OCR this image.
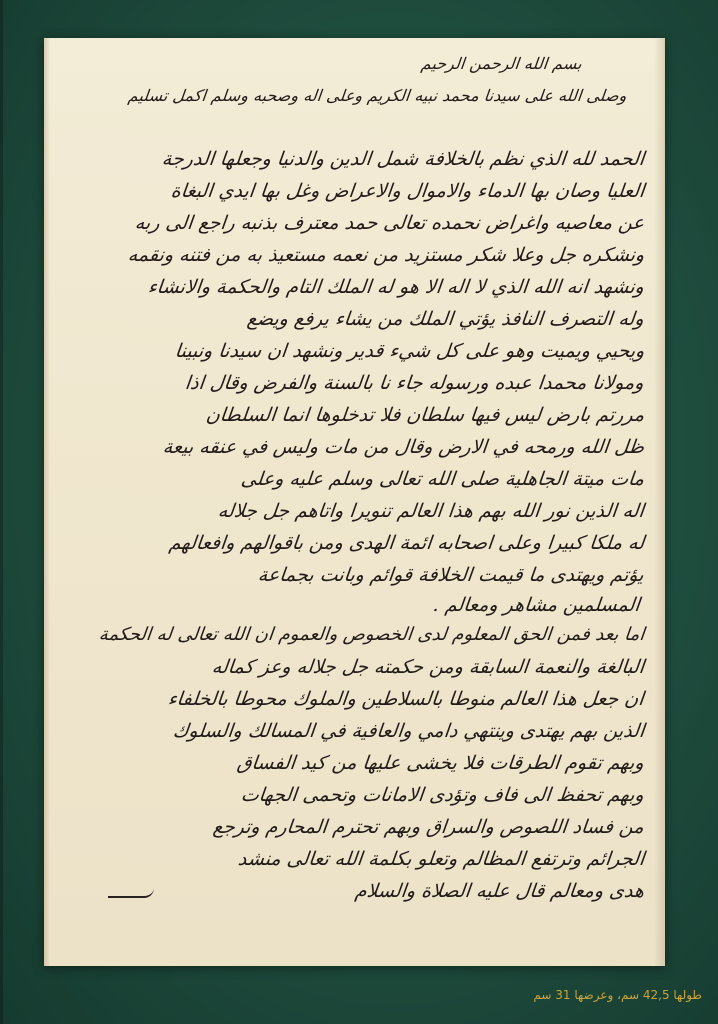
بسم الله الرحمن الرحيم
وصلى الله على سيدنا محمد نبيه الكريم وعلى اله وصحبه وسلم اكمل تسليم
الحمد لله الذي نظم بالخلافة شمل الدين والدنيا وجعلها الدرجة
العليا وصان بها الدماء والاموال والاعراض وغل بها ايدي البغاة
عن معاصيه واغراض نحمده تعالى حمد معترف بذنبه راجع الى ربه
ونشكره جل وعلا شكر مستزيد من نعمه مستعيذ به من فتنه ونقمه
ونشهد انه الله الذي لا اله الا هو له الملك التام والحكمة والانشاء
وله التصرف النافذ يؤتي الملك من يشاء يرفع ويضع
ويحيي ويميت وهو على كل شيء قدير ونشهد ان سيدنا ونبينا
ومولانا محمدا عبده ورسوله جاء نا بالسنة والفرض وقال اذا
مررتم بارض ليس فيها سلطان فلا تدخلوها انما السلطان
ظل الله ورمحه في الارض وقال من مات وليس في عنقه بيعة
مات ميتة الجاهلية صلى الله تعالى وسلم عليه وعلى
اله الذين نور الله بهم هذا العالم تنويرا واتاهم جل جلاله
له ملكا كبيرا وعلى اصحابه ائمة الهدى ومن باقوالهم وافعالهم
يؤتم ويهتدى ما قيمت الخلافة قوائم وبانت بجماعة
المسلمين مشاهر ومعالم .
اما بعد فمن الحق المعلوم لدى الخصوص والعموم ان الله تعالى له الحكمة
البالغة والنعمة السابقة ومن حكمته جل جلاله وعز كماله
ان جعل هذا العالم منوطا بالسلاطين والملوك محوطا بالخلفاء
الذين بهم يهتدى وينتهي دامي والعافية في المسالك والسلوك
وبهم تقوم الطرقات فلا يخشى عليها من كيد الفساق
وبهم تحفظ الى فاف وتؤدى الامانات وتحمى الجهات
من فساد اللصوص والسراق وبهم تحترم المحارم وترجع
الجرائم وترتفع المظالم وتعلو بكلمة الله تعالى منشد
هدى ومعالم قال عليه الصلاة والسلام
طولها 42,5 سم، وعرضها 31 سم
